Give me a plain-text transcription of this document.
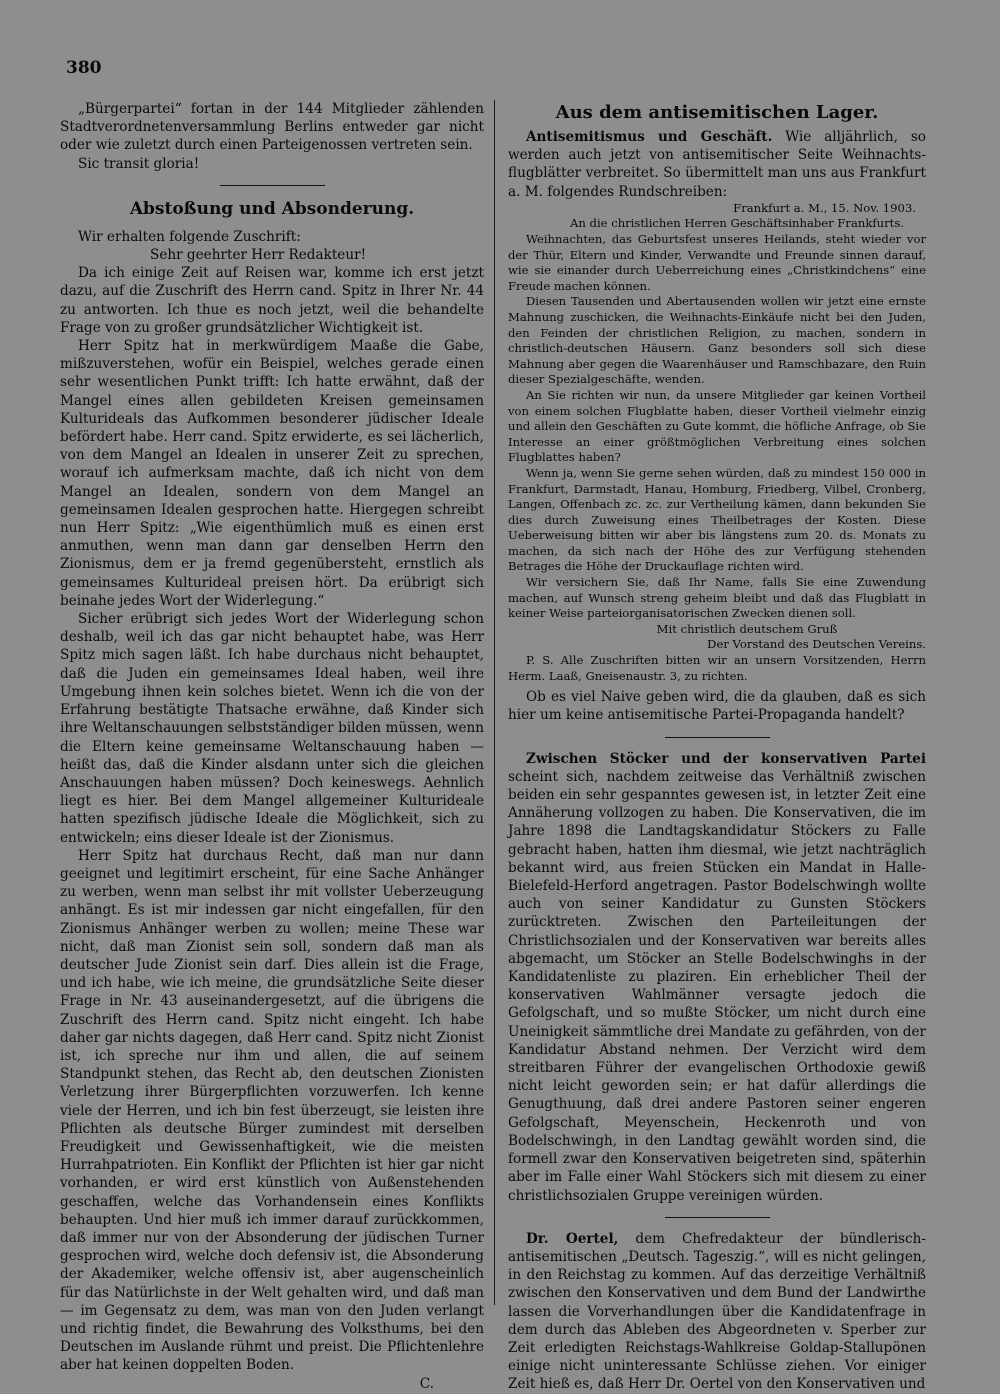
380

„Bürgerpartei“ fortan in der 144 Mitglieder zählenden Stadtverordnetenversammlung Berlins entweder gar nicht oder wie zuletzt durch einen Parteigenossen vertreten sein.

Sic transit gloria!

Abstoßung und Absonderung.

Wir erhalten folgende Zuschrift:

Sehr geehrter Herr Redakteur!

Da ich einige Zeit auf Reisen war, komme ich erst jetzt dazu, auf die Zuschrift des Herrn cand. Spitz in Ihrer Nr. 44 zu antworten. Ich thue es noch jetzt, weil die behandelte Frage von zu großer grundsätzlicher Wichtigkeit ist.

Herr Spitz hat in merkwürdigem Maaße die Gabe, mißzuverstehen, wofür ein Beispiel, welches gerade einen sehr wesentlichen Punkt trifft: Ich hatte erwähnt, daß der Mangel eines allen gebildeten Kreisen gemeinsamen Kulturideals das Aufkommen besonderer jüdischer Ideale befördert habe. Herr cand. Spitz erwiderte, es sei lächerlich, von dem Mangel an Idealen in unserer Zeit zu sprechen, worauf ich aufmerksam machte, daß ich nicht von dem Mangel an Idealen, sondern von dem Mangel an gemeinsamen Idealen gesprochen hatte. Hiergegen schreibt nun Herr Spitz: „Wie eigenthümlich muß es einen erst anmuthen, wenn man dann gar denselben Herrn den Zionismus, dem er ja fremd gegenübersteht, ernstlich als gemeinsames Kulturideal preisen hört. Da erübrigt sich beinahe jedes Wort der Widerlegung.“

Sicher erübrigt sich jedes Wort der Widerlegung schon deshalb, weil ich das gar nicht behauptet habe, was Herr Spitz mich sagen läßt. Ich habe durchaus nicht behauptet, daß die Juden ein gemeinsames Ideal haben, weil ihre Umgebung ihnen kein solches bietet. Wenn ich die von der Erfahrung bestätigte Thatsache erwähne, daß Kinder sich ihre Weltanschauungen selbstständiger bilden müssen, wenn die Eltern keine gemeinsame Weltanschauung haben — heißt das, daß die Kinder alsdann unter sich die gleichen Anschauungen haben müssen? Doch keineswegs. Aehnlich liegt es hier. Bei dem Mangel allgemeiner Kulturideale hatten spezifisch jüdische Ideale die Möglichkeit, sich zu entwickeln; eins dieser Ideale ist der Zionismus.

Herr Spitz hat durchaus Recht, daß man nur dann geeignet und legitimirt erscheint, für eine Sache Anhänger zu werben, wenn man selbst ihr mit vollster Ueberzeugung anhängt. Es ist mir indessen gar nicht eingefallen, für den Zionismus Anhänger werben zu wollen; meine These war nicht, daß man Zionist sein soll, sondern daß man als deutscher Jude Zionist sein darf. Dies allein ist die Frage, und ich habe, wie ich meine, die grundsätzliche Seite dieser Frage in Nr. 43 auseinandergesetzt, auf die übrigens die Zuschrift des Herrn cand. Spitz nicht eingeht. Ich habe daher gar nichts dagegen, daß Herr cand. Spitz nicht Zionist ist, ich spreche nur ihm und allen, die auf seinem Standpunkt stehen, das Recht ab, den deutschen Zionisten Verletzung ihrer Bürgerpflichten vorzuwerfen. Ich kenne viele der Herren, und ich bin fest überzeugt, sie leisten ihre Pflichten als deutsche Bürger zumindest mit derselben Freudigkeit und Gewissenhaftigkeit, wie die meisten Hurrahpatrioten. Ein Konflikt der Pflichten ist hier gar nicht vorhanden, er wird erst künstlich von Außenstehenden geschaffen, welche das Vorhandensein eines Konflikts behaupten. Und hier muß ich immer darauf zurückkommen, daß immer nur von der Absonderung der jüdischen Turner gesprochen wird, welche doch defensiv ist, die Absonderung der Akademiker, welche offensiv ist, aber augenscheinlich für das Natürlichste in der Welt gehalten wird, und daß man — im Gegensatz zu dem, was man von den Juden verlangt und richtig findet, die Bewahrung des Volksthums, bei den Deutschen im Auslande rühmt und preist. Die Pflichtenlehre aber hat keinen doppelten Boden.

C.

Aus dem antisemitischen Lager.

Antisemitismus und Geschäft. Wie alljährlich, so werden auch jetzt von antisemitischer Seite Weihnachts-flugblätter verbreitet. So übermittelt man uns aus Frankfurt a. M. folgendes Rundschreiben:

Frankfurt a. M., 15. Nov. 1903.

An die christlichen Herren Geschäftsinhaber Frankfurts.

Weihnachten, das Geburtsfest unseres Heilands, steht wieder vor der Thür, Eltern und Kinder, Verwandte und Freunde sinnen darauf, wie sie einander durch Ueberreichung eines „Christkindchens“ eine Freude machen können.

Diesen Tausenden und Abertausenden wollen wir jetzt eine ernste Mahnung zuschicken, die Weihnachts-Einkäufe nicht bei den Juden, den Feinden der christlichen Religion, zu machen, sondern in christlich-deutschen Häusern. Ganz besonders soll sich diese Mahnung aber gegen die Waarenhäuser und Ramschbazare, den Ruin dieser Spezialgeschäfte, wenden.

An Sie richten wir nun, da unsere Mitglieder gar keinen Vortheil von einem solchen Flugblatte haben, dieser Vortheil vielmehr einzig und allein den Geschäften zu Gute kommt, die höfliche Anfrage, ob Sie Interesse an einer größtmöglichen Verbreitung eines solchen Flugblattes haben?

Wenn ja, wenn Sie gerne sehen würden, daß zu mindest 150 000 in Frankfurt, Darmstadt, Hanau, Homburg, Friedberg, Vilbel, Cronberg, Langen, Offenbach zc. zc. zur Vertheilung kämen, dann bekunden Sie dies durch Zuweisung eines Theilbetrages der Kosten. Diese Ueberweisung bitten wir aber bis längstens zum 20. ds. Monats zu machen, da sich nach der Höhe des zur Verfügung stehenden Betrages die Höhe der Druckauflage richten wird.

Wir versichern Sie, daß Ihr Name, falls Sie eine Zuwendung machen, auf Wunsch streng geheim bleibt und daß das Flugblatt in keiner Weise parteiorganisatorischen Zwecken dienen soll.

Mit christlich deutschem Gruß

Der Vorstand des Deutschen Vereins.

P. S. Alle Zuschriften bitten wir an unsern Vorsitzenden, Herrn Herm. Laaß, Gneisenaustr. 3, zu richten.

Ob es viel Naive geben wird, die da glauben, daß es sich hier um keine antisemitische Partei-Propaganda handelt?

Zwischen Stöcker und der konservativen Partei scheint sich, nachdem zeitweise das Verhältniß zwischen beiden ein sehr gespanntes gewesen ist, in letzter Zeit eine Annäherung vollzogen zu haben. Die Konservativen, die im Jahre 1898 die Landtagskandidatur Stöckers zu Falle gebracht haben, hatten ihm diesmal, wie jetzt nachträglich bekannt wird, aus freien Stücken ein Mandat in Halle-Bielefeld-Herford angetragen. Pastor Bodelschwingh wollte auch von seiner Kandidatur zu Gunsten Stöckers zurücktreten. Zwischen den Parteileitungen der Christlichsozialen und der Konservativen war bereits alles abgemacht, um Stöcker an Stelle Bodelschwinghs in der Kandidatenliste zu plaziren. Ein erheblicher Theil der konservativen Wahlmänner versagte jedoch die Gefolgschaft, und so mußte Stöcker, um nicht durch eine Uneinigkeit sämmtliche drei Mandate zu gefährden, von der Kandidatur Abstand nehmen. Der Verzicht wird dem streitbaren Führer der evangelischen Orthodoxie gewiß nicht leicht geworden sein; er hat dafür allerdings die Genugthuung, daß drei andere Pastoren seiner engeren Gefolgschaft, Meyenschein, Heckenroth und von Bodelschwingh, in den Landtag gewählt worden sind, die formell zwar den Konservativen beigetreten sind, späterhin aber im Falle einer Wahl Stöckers sich mit diesem zu einer christlichsozialen Gruppe vereinigen würden.

Dr. Oertel, dem Chefredakteur der bündlerisch-antisemitischen „Deutsch. Tageszig.“, will es nicht gelingen, in den Reichstag zu kommen. Auf das derzeitige Verhältniß zwischen den Konservativen und dem Bund der Landwirthe lassen die Vorverhandlungen über die Kandidatenfrage in dem durch das Ableben des Abgeordneten v. Sperber zur Zeit erledigten Reichstags-Wahlkreise Goldap-Stallupönen einige nicht uninteressante Schlüsse ziehen. Vor einiger Zeit hieß es, daß Herr Dr. Oertel von den Konservativen und
